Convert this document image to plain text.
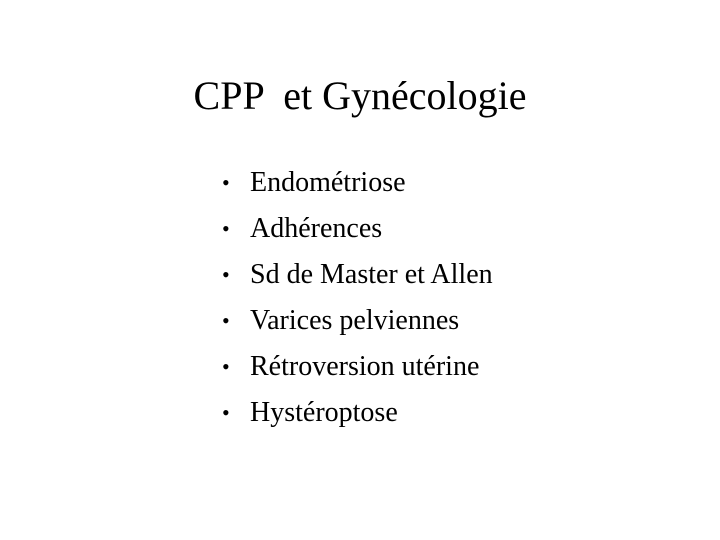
CPP  et Gynécologie
• Endométriose
• Adhérences
• Sd de Master et Allen
• Varices pelviennes
• Rétroversion utérine
• Hystéroptose
